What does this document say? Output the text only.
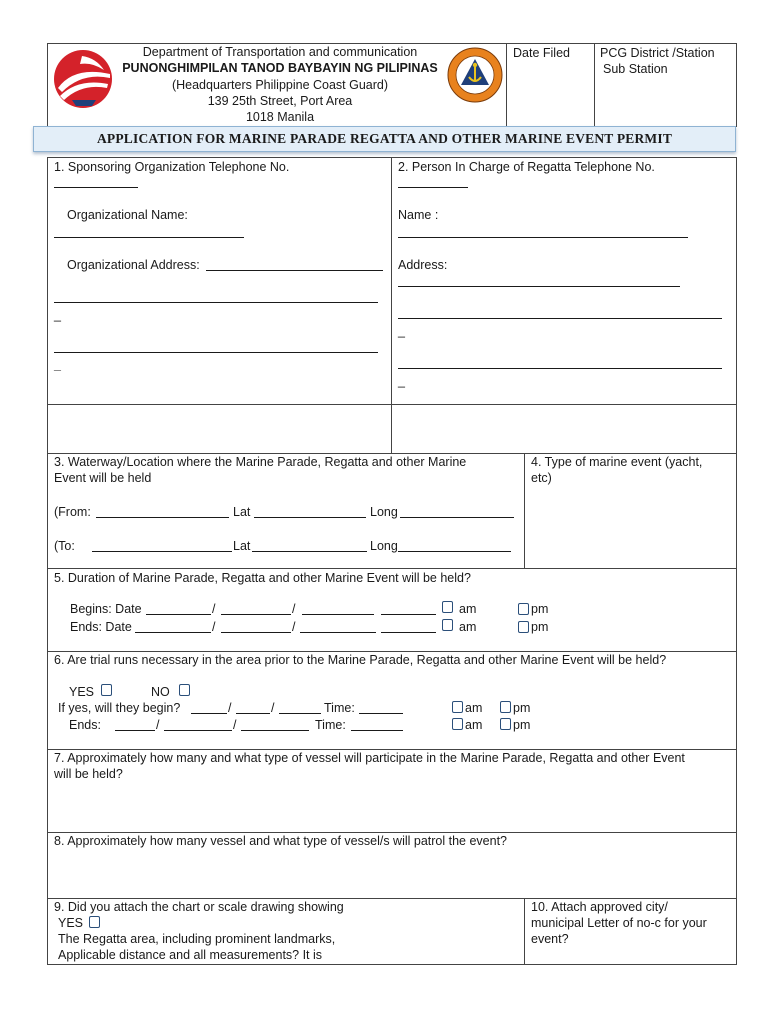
Department of Transportation and communication
PUNONGHIMPILAN TANOD BAYBAYIN NG PILIPINAS
(Headquarters Philippine Coast Guard)
139 25th Street, Port Area
1018 Manila
Date Filed PCG District /Station
Sub Station
APPLICATION FOR MARINE PARADE REGATTA AND OTHER MARINE EVENT PERMIT
1. Sponsoring Organization Telephone No.
Organizational Name:
Organizational Address:
_
_
2. Person In Charge of Regatta Telephone No.
Name :
Address:
_
_
3. Waterway/Location where the Marine Parade, Regatta and other Marine
Event will be held
(From:	Lat	Long
(To:	Lat	Long
4. Type of marine event (yacht,
etc)
5. Duration of Marine Parade, Regatta and other Marine Event will be held?
Begins: Date	/	/	am	pm
Ends: Date	/	/	am	pm
6. Are trial runs necessary in the area prior to the Marine Parade, Regatta and other Marine Event will be held?
YES	NO
If yes, will they begin?	/	/	Time:	am pm
Ends:	/	/	Time:	am pm
7. Approximately how many and what type of vessel will participate in the Marine Parade, Regatta and other Event
will be held?
8. Approximately how many vessel and what type of vessel/s will patrol the event?
9. Did you attach the chart or scale drawing showing
YES
The Regatta area, including prominent landmarks,
Applicable distance and all measurements? It is
10. Attach approved city/
municipal Letter of no-c for your
event?
